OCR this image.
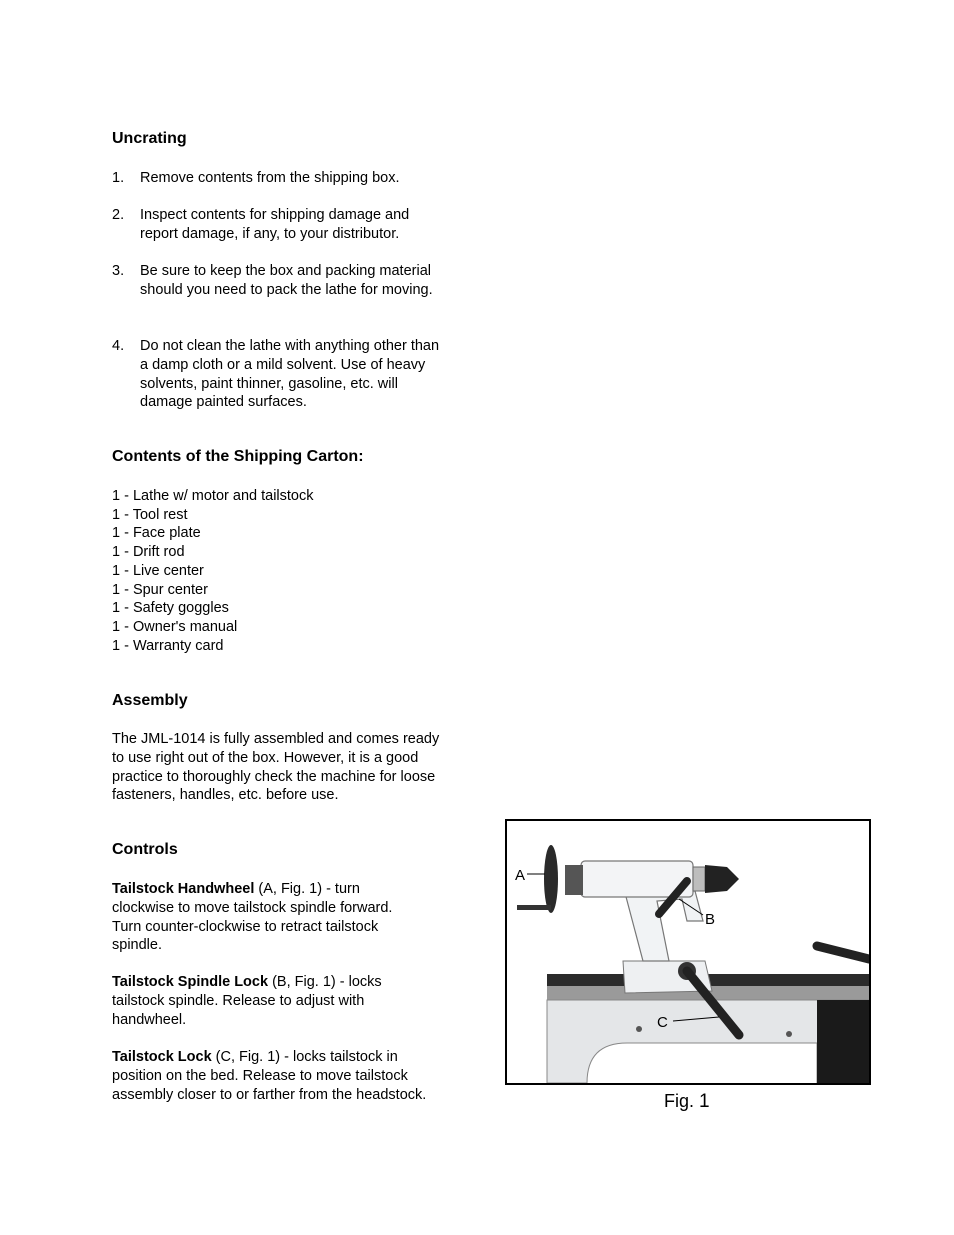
Uncrating
1. Remove contents from the shipping box.
2. Inspect contents for shipping damage and report damage, if any, to your distributor.
3. Be sure to keep the box and packing material should you need to pack the lathe for moving.
4. Do not clean the lathe with anything other than a damp cloth or a mild solvent. Use of heavy solvents, paint thinner, gasoline, etc. will damage painted surfaces.
Contents of the Shipping Carton:
1 - Lathe w/ motor and tailstock
1 - Tool rest
1 - Face plate
1 - Drift rod
1 - Live center
1 - Spur center
1 - Safety goggles
1 - Owner's manual
1 - Warranty card
Assembly

The JML-1014 is fully assembled and comes ready to use right out of the box. However, it is a good practice to thoroughly check the machine for loose fasteners, handles, etc. before use.

Controls

Tailstock Handwheel (A, Fig. 1) - turn clockwise to move tailstock spindle forward. Turn counter-clockwise to retract tailstock spindle.

Tailstock Spindle Lock (B, Fig. 1) - locks tailstock spindle. Release to adjust with handwheel.

Tailstock Lock (C, Fig. 1) - locks tailstock in position on the bed. Release to move tailstock assembly closer to or farther from the headstock.

A
B
C
Fig. 1
